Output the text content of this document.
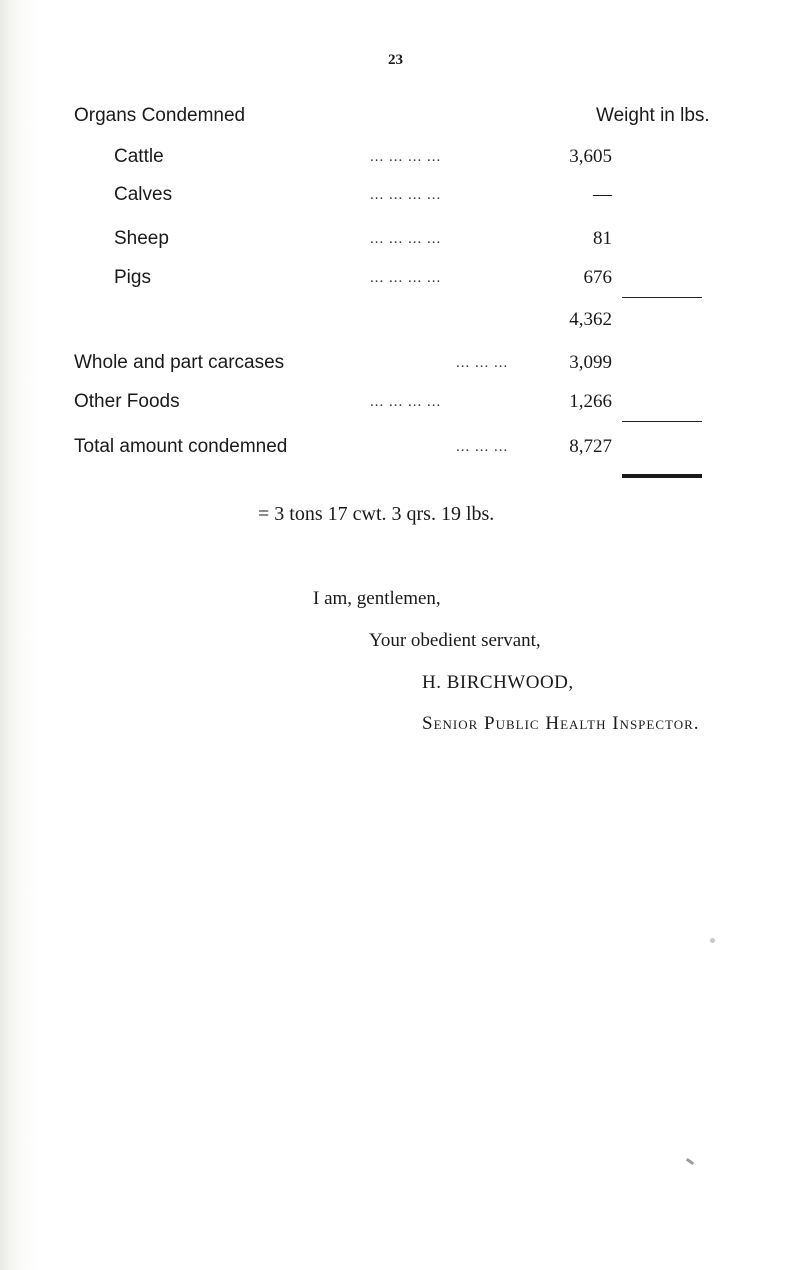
23
Organs Condemned	Weight in lbs.
Cattle	... ... ... ...	3,605
Calves	... ... ... ...	—
Sheep	... ... ... ...	81
Pigs	... ... ... ...	676
4,362
Whole and part carcases	... ... ...	3,099
Other Foods	... ... ... ...	1,266
Total amount condemned	... ... ...	8,727
= 3 tons 17 cwt. 3 qrs. 19 lbs.
I am, gentlemen,
Your obedient servant,
H. BIRCHWOOD,
Senior Public Health Inspector.
